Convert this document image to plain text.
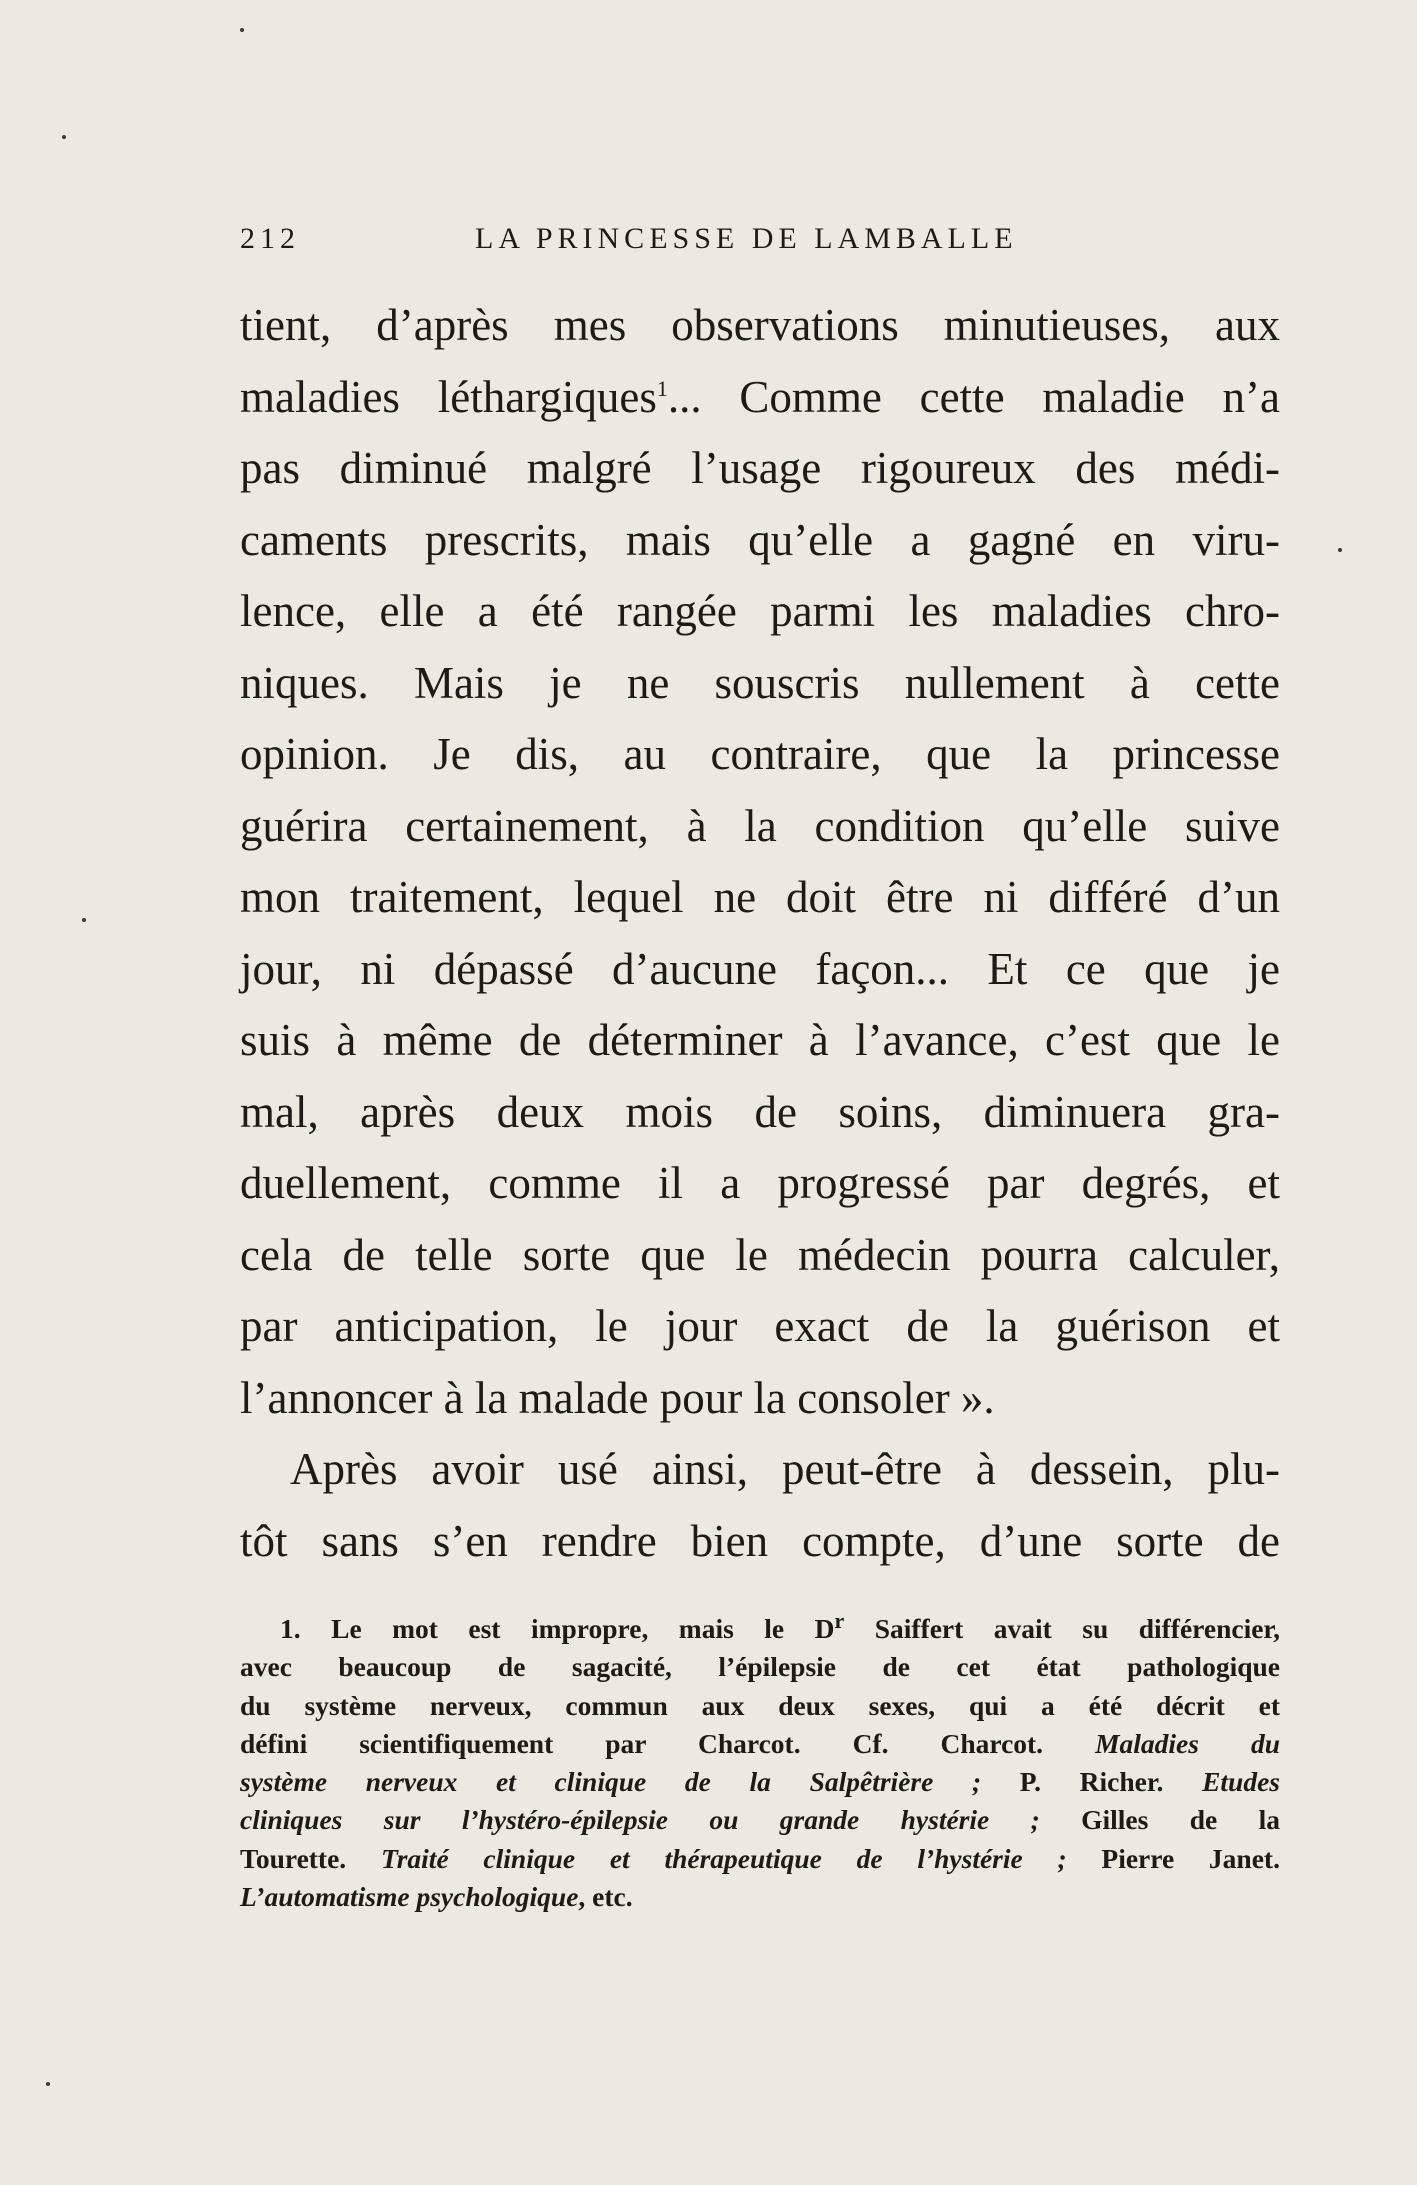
212	LA PRINCESSE DE LAMBALLE
tient, d’après mes observations minutieuses, aux
maladies léthargiques$^1$... Comme cette maladie n’a
pas diminué malgré l’usage rigoureux des médi-
caments prescrits, mais qu’elle a gagné en viru-
lence, elle a été rangée parmi les maladies chro-
niques. Mais je ne souscris nullement à cette
opinion. Je dis, au contraire, que la princesse
guérira certainement, à la condition qu’elle suive
mon traitement, lequel ne doit être ni différé d’un
jour, ni dépassé d’aucune façon... Et ce que je
suis à même de déterminer à l’avance, c’est que le
mal, après deux mois de soins, diminuera gra-
duellement, comme il a progressé par degrés, et
cela de telle sorte que le médecin pourra calculer,
par anticipation, le jour exact de la guérison et
l’annoncer à la malade pour la consoler ».
Après avoir usé ainsi, peut-être à dessein, plu-
tôt sans s’en rendre bien compte, d’une sorte de
1. Le mot est impropre, mais le $D^r$ Saiffert avait su différencier,
avec beaucoup de sagacité, l’épilepsie de cet état pathologique
du système nerveux, commun aux deux sexes, qui a été décrit et
défini scientifiquement par Charcot. Cf. Charcot. Maladies du
système nerveux et clinique de la Salpêtrière ; P. Richer. Etudes
cliniques sur l’hystéro-épilepsie ou grande hystérie ; Gilles de la
Tourette. Traité clinique et thérapeutique de l’hystérie ; Pierre Janet.
L’automatisme psychologique, etc.
